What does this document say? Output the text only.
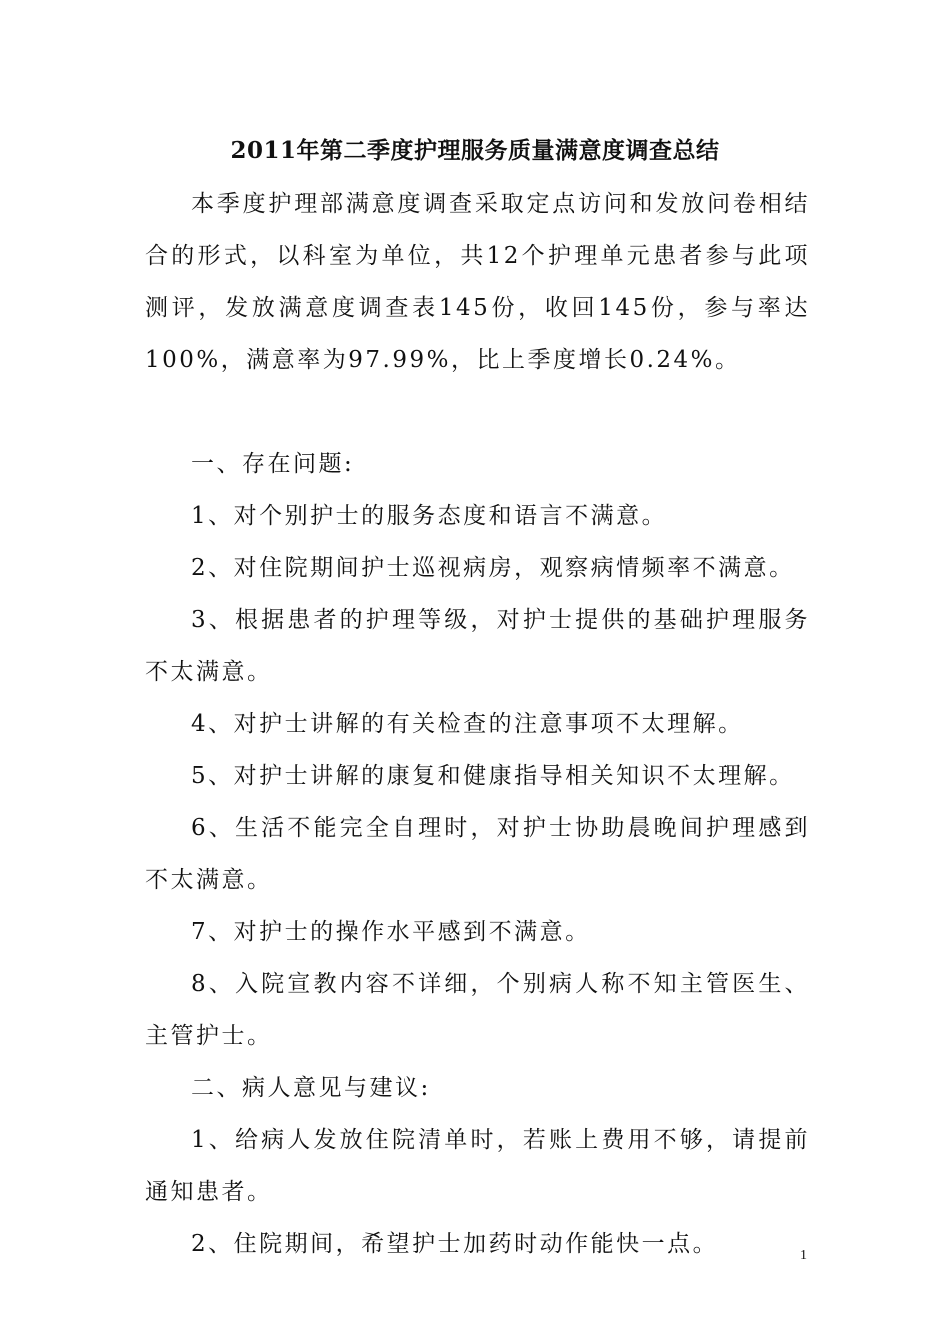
2011年第二季度护理服务质量满意度调查总结

本季度护理部满意度调查采取定点访问和发放问卷相结合的形式，以科室为单位，共12个护理单元患者参与此项测评，发放满意度调查表145份，收回145份，参与率达100%，满意率为97.99%，比上季度增长0.24%。

一、存在问题:

1、对个别护士的服务态度和语言不满意。

2、对住院期间护士巡视病房，观察病情频率不满意。

3、根据患者的护理等级，对护士提供的基础护理服务不太满意。

4、对护士讲解的有关检查的注意事项不太理解。

5、对护士讲解的康复和健康指导相关知识不太理解。

6、生活不能完全自理时，对护士协助晨晚间护理感到不太满意。

7、对护士的操作水平感到不满意。

8、入院宣教内容不详细，个别病人称不知主管医生、主管护士。

二、病人意见与建议:

1、给病人发放住院清单时，若账上费用不够，请提前通知患者。

2、住院期间，希望护士加药时动作能快一点。	1
